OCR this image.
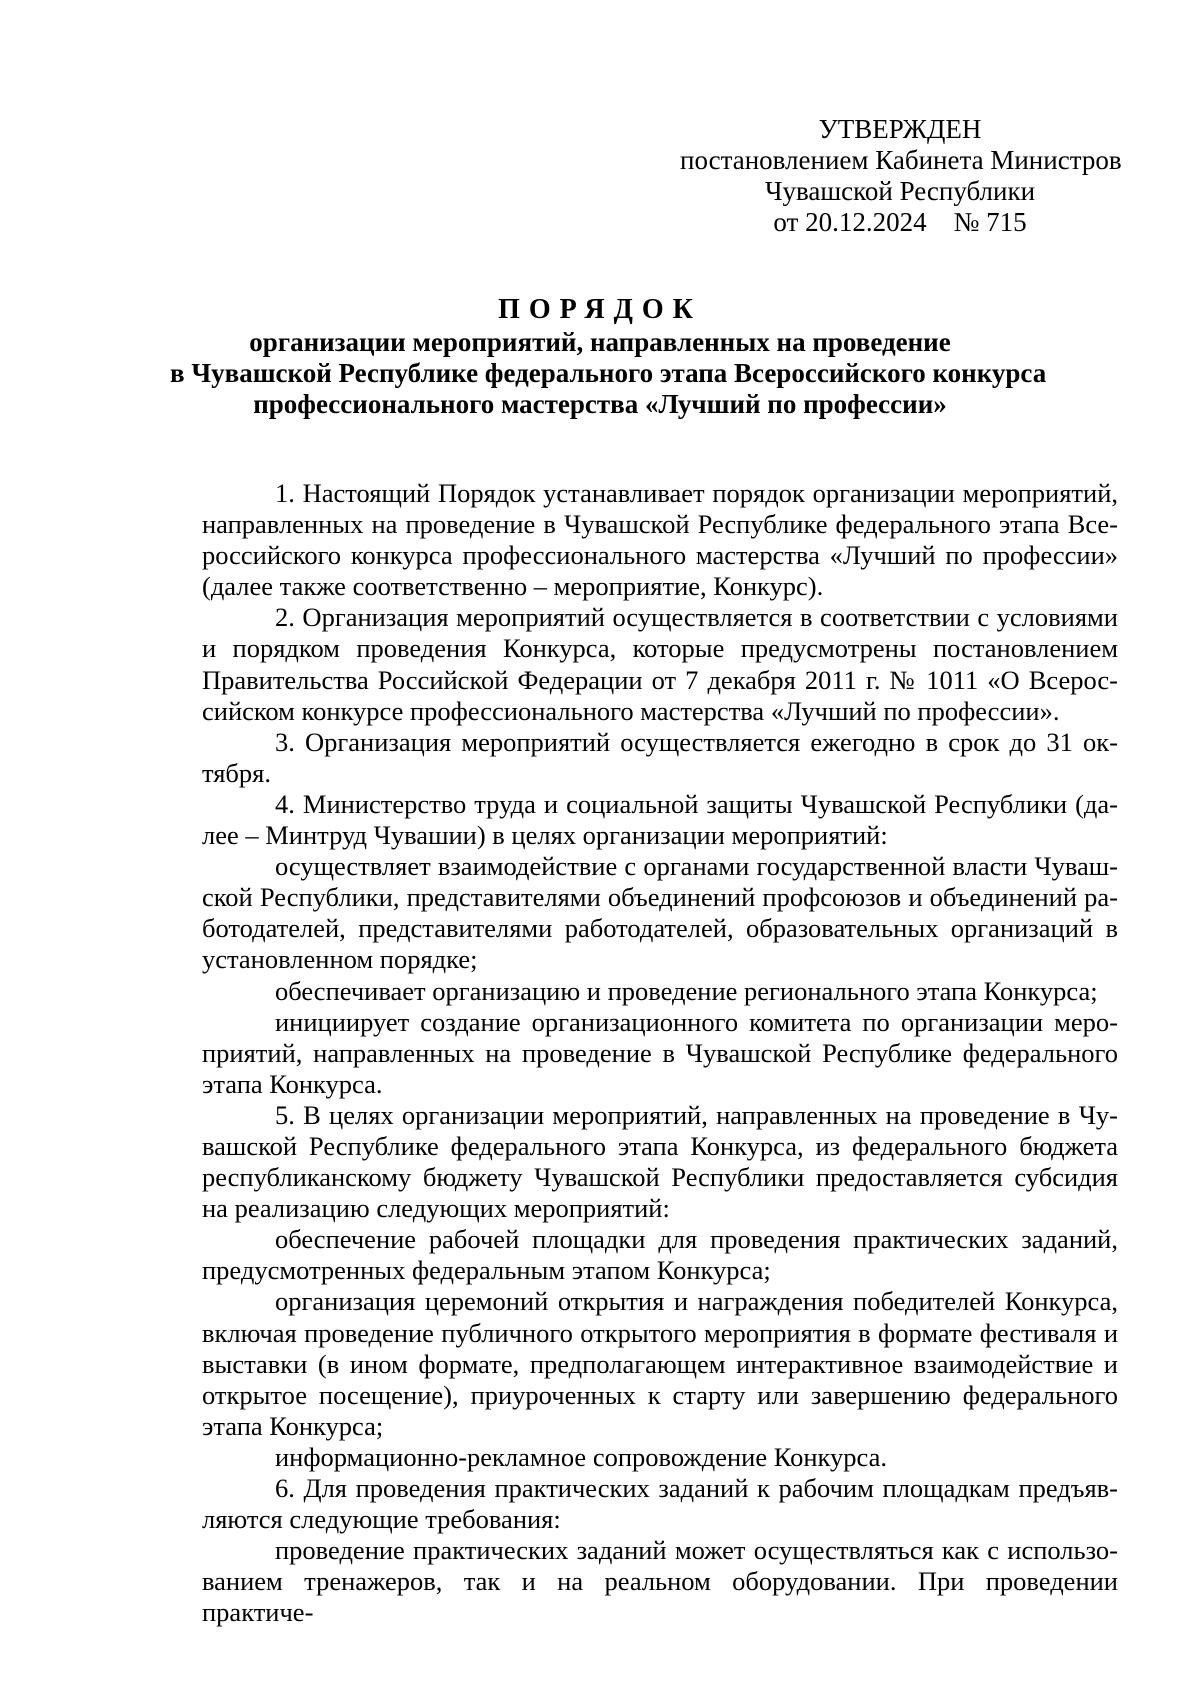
УТВЕРЖДЕН
постановлением Кабинета Министров
Чувашской Республики
от 20.12.2024    № 715
ПОРЯДОК
организации мероприятий, направленных на проведение
в Чувашской Республике федерального этапа Всероссийского конкурса
профессионального мастерства «Лучший по профессии»

1. Настоящий Порядок устанавливает порядок организации мероприятий, направленных на проведение в Чувашской Республике федерального этапа Всероссийского конкурса профессионального мастерства «Лучший по профессии» (далее также соответственно – мероприятие, Конкурс).

2. Организация мероприятий осуществляется в соответствии с условиями и порядком проведения Конкурса, которые предусмотрены постановлением Правительства Российской Федерации от 7 декабря 2011 г. № 1011 «О Всероссийском конкурсе профессионального мастерства «Лучший по профессии».

3. Организация мероприятий осуществляется ежегодно в срок до 31 октября.

4. Министерство труда и социальной защиты Чувашской Республики (далее – Минтруд Чувашии) в целях организации мероприятий:

осуществляет взаимодействие с органами государственной власти Чувашской Республики, представителями объединений профсоюзов и объединений работодателей, представителями работодателей, образовательных организаций в установленном порядке;

обеспечивает организацию и проведение регионального этапа Конкурса;

инициирует создание организационного комитета по организации мероприятий, направленных на проведение в Чувашской Республике федерального этапа Конкурса.

5. В целях организации мероприятий, направленных на проведение в Чувашской Республике федерального этапа Конкурса, из федерального бюджета республиканскому бюджету Чувашской Республики предоставляется субсидия на реализацию следующих мероприятий:

обеспечение рабочей площадки для проведения практических заданий, предусмотренных федеральным этапом Конкурса;

организация церемоний открытия и награждения победителей Конкурса, включая проведение публичного открытого мероприятия в формате фестиваля и выставки (в ином формате, предполагающем интерактивное взаимодействие и открытое посещение), приуроченных к старту или завершению федерального этапа Конкурса;

информационно-рекламное сопровождение Конкурса.

6. Для проведения практических заданий к рабочим площадкам предъявляются следующие требования:

проведение практических заданий может осуществляться как с использованием тренажеров, так и на реальном оборудовании. При проведении практиче-
